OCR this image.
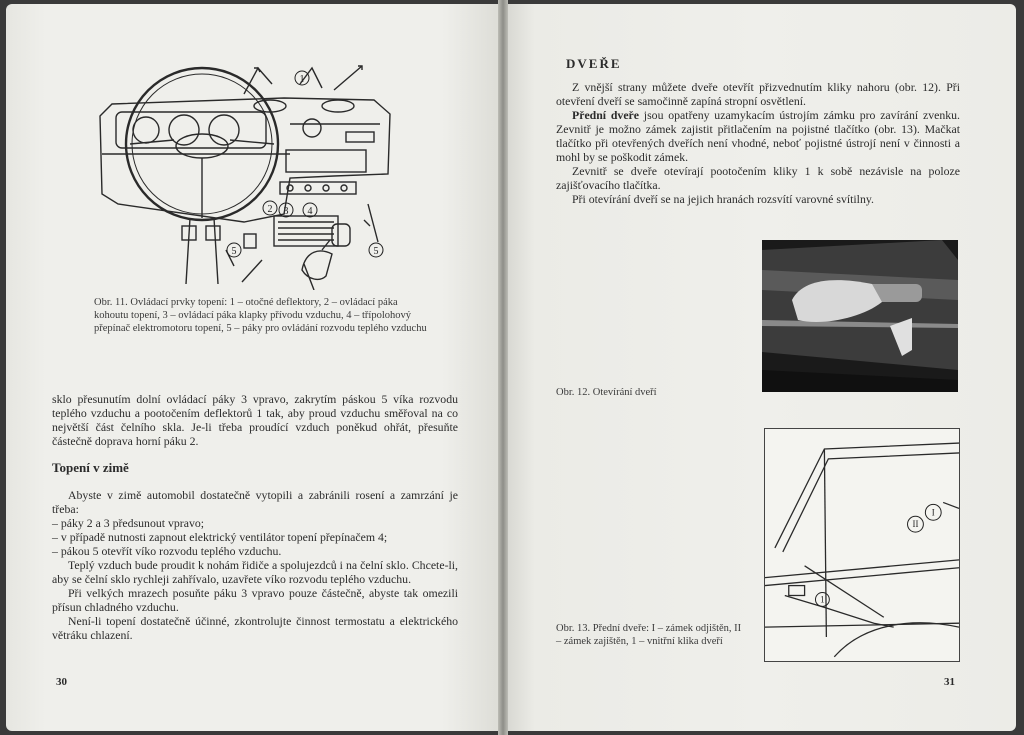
1
2 3 4
5	5
Obr. 11. Ovládací prvky topení: 1 – otočné deflektory, 2 – ovládací páka kohoutu topení, 3 – ovládací páka klapky přívodu vzduchu, 4 – třípolohový přepínač elektromotoru topení, 5 – páky pro ovládání rozvodu teplého vzduchu
sklo přesunutím dolní ovládací páky 3 vpravo, zakrytím páskou 5 víka rozvodu teplého vzduchu a pootočením deflektorů 1 tak, aby proud vzduchu směřoval na co největší část čelního skla. Je-li třeba proudící vzduch poněkud ohřát, přesuňte částečně doprava horní páku 2.
Topení v zimě

Abyste v zimě automobil dostatečně vytopili a zabránili rosení a zamrzání je třeba:

– páky 2 a 3 předsunout vpravo;

– v případě nutnosti zapnout elektrický ventilátor topení přepínačem 4;

– pákou 5 otevřít víko rozvodu teplého vzduchu.

Teplý vzduch bude proudit k nohám řidiče a spolujezdců i na čelní sklo. Chcete-li, aby se čelní sklo rychleji zahřívalo, uzavřete víko rozvodu teplého vzduchu.

Při velkých mrazech posuňte páku 3 vpravo pouze částečně, abyste tak omezili přísun chladného vzduchu.

Není-li topení dostatečně účinné, zkontrolujte činnost termostatu a elektrického větráku chlazení.

30
DVEŘE

Z vnější strany můžete dveře otevřít přizvednutím kliky nahoru (obr. 12). Při otevření dveří se samočinně zapíná stropní osvětlení.

Přední dveře jsou opatřeny uzamykacím ústrojím zámku pro zavírání zvenku. Zevnitř je možno zámek zajistit přitlačením na pojistné tlačítko (obr. 13). Mačkat tlačítko při otevřených dveřích není vhodné, neboť pojistné ústrojí není v činnosti a mohl by se poškodit zámek.

Zevnitř se dveře otevírají pootočením kliky 1 k sobě nezávisle na poloze zajišťovacího tlačítka.

Při otevírání dveří se na jejich hranách rozsvítí varovné svítilny.

Obr. 12. Otevírání dveří
I
II
1
Obr. 13. Přední dveře: I – zámek odjištěn, II – zámek zajištěn, 1 – vnitřní klika dveří
31
